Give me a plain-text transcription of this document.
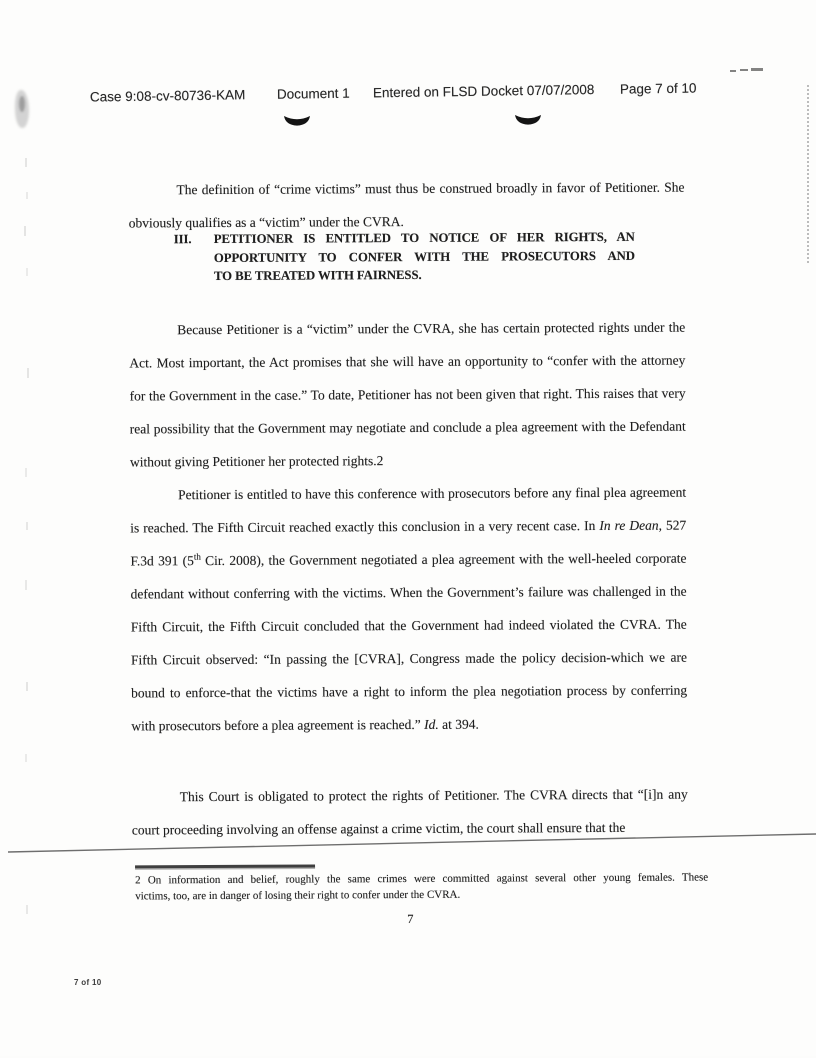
Case 9:08-cv-80736-KAM Document 1 Entered on FLSD Docket 07/07/2008 Page 7 of 10

The definition of “crime victims” must thus be construed broadly in favor of Petitioner. She obviously qualifies as a “victim” under the CVRA.

III. PETITIONER IS ENTITLED TO NOTICE OF HER RIGHTS, AN
OPPORTUNITY TO CONFER WITH THE PROSECUTORS AND
TO BE TREATED WITH FAIRNESS.

Because Petitioner is a “victim” under the CVRA, she has certain protected rights under the Act. Most important, the Act promises that she will have an opportunity to “confer with the attorney for the Government in the case.” To date, Petitioner has not been given that right. This raises that very real possibility that the Government may negotiate and conclude a plea agreement with the Defendant without giving Petitioner her protected rights.2

Petitioner is entitled to have this conference with prosecutors before any final plea agreement is reached. The Fifth Circuit reached exactly this conclusion in a very recent case. In In re Dean, 527 F.3d 391 (5th Cir. 2008), the Government negotiated a plea agreement with the well-heeled corporate defendant without conferring with the victims. When the Government’s failure was challenged in the Fifth Circuit, the Fifth Circuit concluded that the Government had indeed violated the CVRA. The Fifth Circuit observed: “In passing the [CVRA], Congress made the policy decision-which we are bound to enforce-that the victims have a right to inform the plea negotiation process by conferring with prosecutors before a plea agreement is reached.” Id. at 394.

This Court is obligated to protect the rights of Petitioner. The CVRA directs that “[i]n any court proceeding involving an offense against a crime victim, the court shall ensure that the

2 On information and belief, roughly the same crimes were committed against several other young females. These
victims, too, are in danger of losing their right to confer under the CVRA.
7
7 of 10
